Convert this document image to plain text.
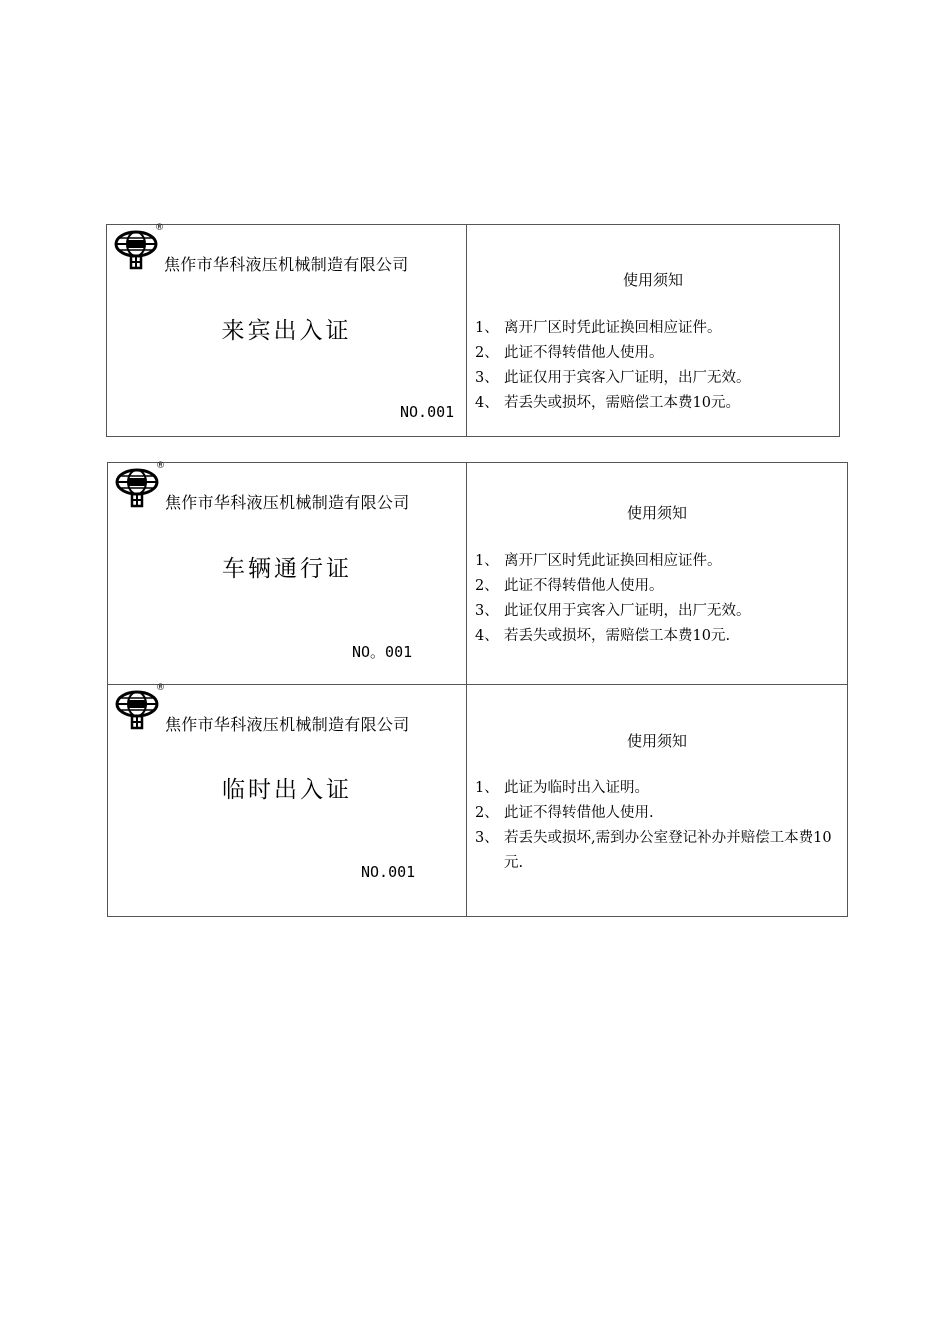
®
焦作市华科液压机械制造有限公司
来宾出入证
NO.001
使用须知
1、 离开厂区时凭此证换回相应证件。
2、 此证不得转借他人使用。
3、 此证仅用于宾客入厂证明，出厂无效。
4、 若丢失或损坏，需赔偿工本费10元。
®
焦作市华科液压机械制造有限公司
车辆通行证
NO。001
使用须知
1、 离开厂区时凭此证换回相应证件。
2、 此证不得转借他人使用。
3、 此证仅用于宾客入厂证明，出厂无效。
4、 若丢失或损坏，需赔偿工本费10元.
®
焦作市华科液压机械制造有限公司
临时出入证
NO.001
使用须知
1、 此证为临时出入证明。
2、 此证不得转借他人使用.
3、 若丢失或损坏,需到办公室登记补办并赔偿工本费10元.
